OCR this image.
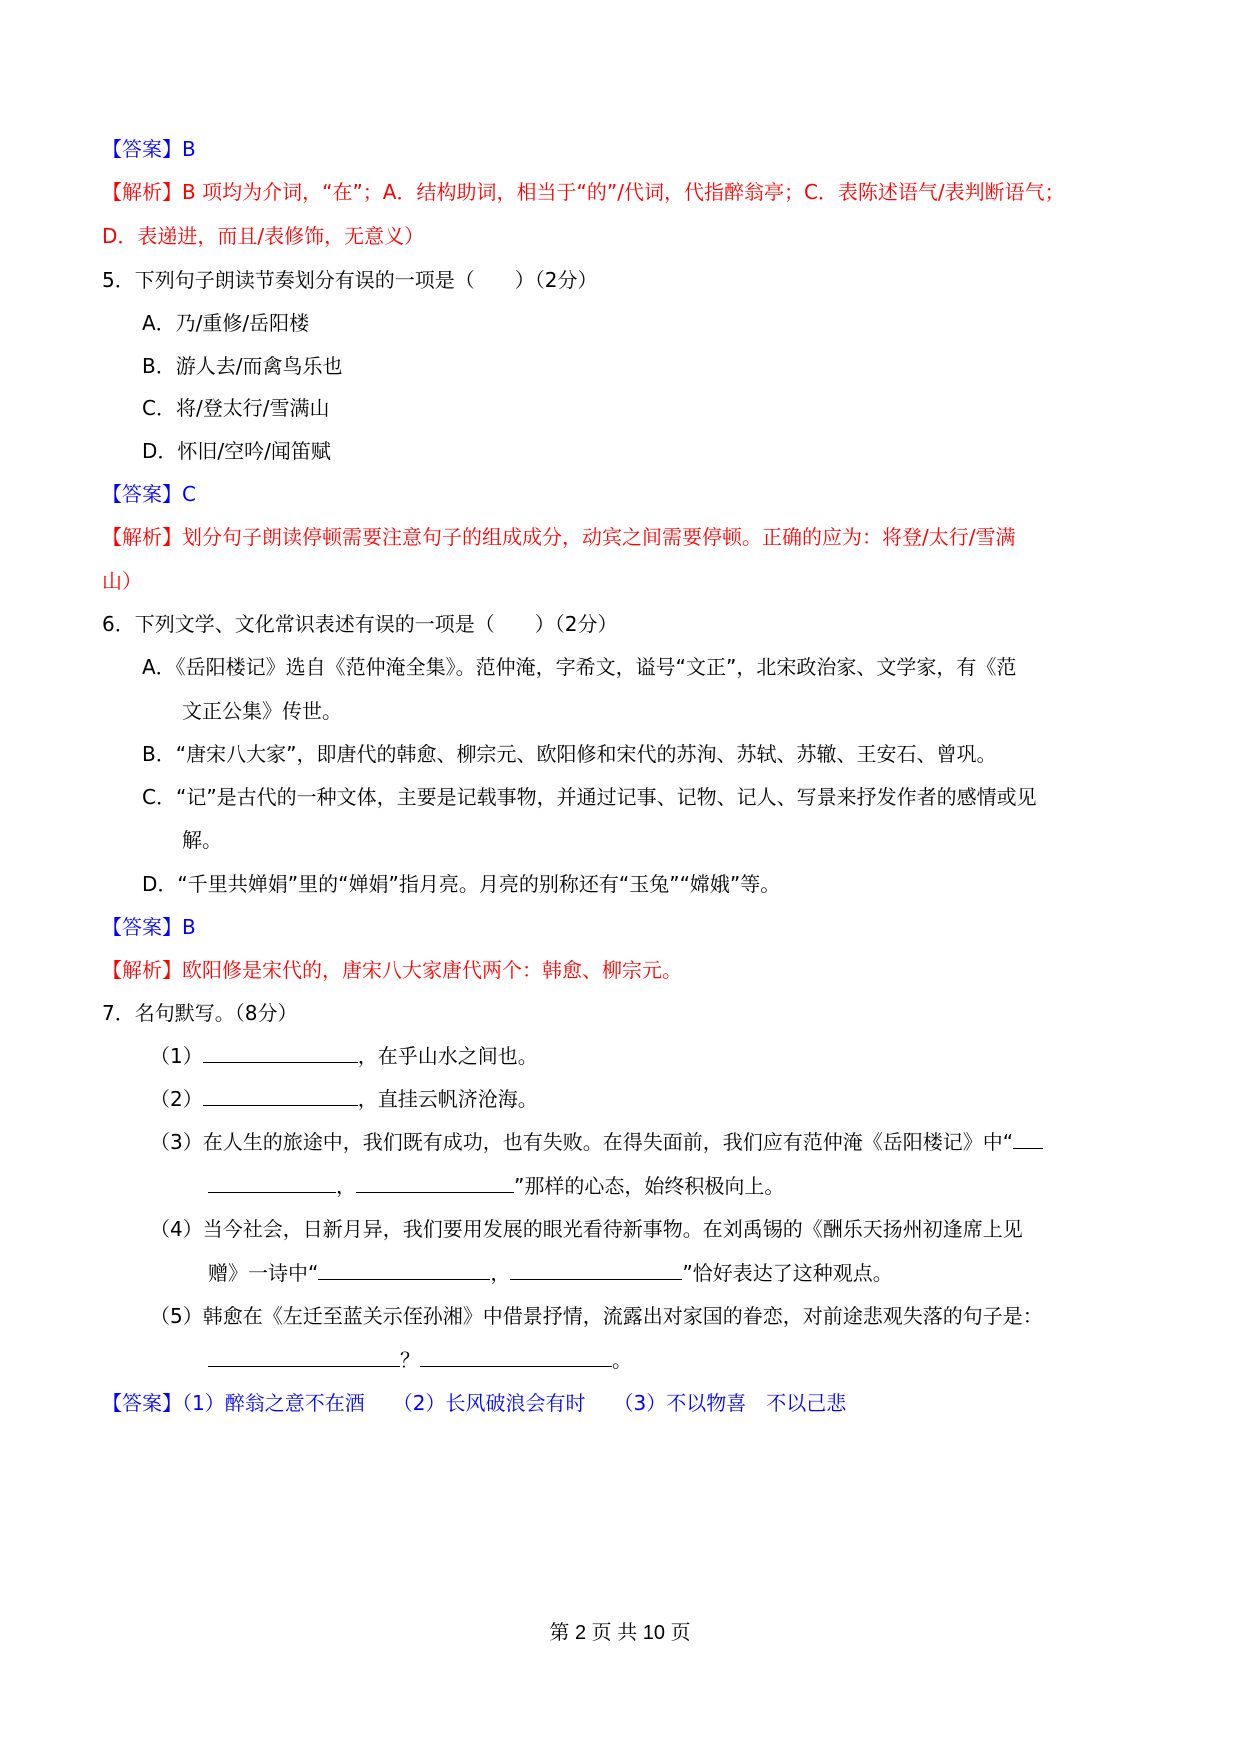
【答案】B
【解析】B 项均为介词，“在”；A．结构助词，相当于“的”/代词，代指醉翁亭；C．表陈述语气/表判断语气；
D．表递进，而且/表修饰，无意义）
5．下列句子朗读节奏划分有误的一项是（　　）（2分）
A．乃/重修/岳阳楼
B．游人去/而禽鸟乐也
C．将/登太行/雪满山
D．怀旧/空吟/闻笛赋
【答案】C
【解析】划分句子朗读停顿需要注意句子的组成成分，动宾之间需要停顿。正确的应为：将登/太行/雪满
山）
6．下列文学、文化常识表述有误的一项是（　　）（2分）
A．《岳阳楼记》选自《范仲淹全集》。范仲淹，字希文，谥号“文正”，北宋政治家、文学家，有《范
文正公集》传世。
B．“唐宋八大家”，即唐代的韩愈、柳宗元、欧阳修和宋代的苏洵、苏轼、苏辙、王安石、曾巩。
C．“记”是古代的一种文体，主要是记载事物，并通过记事、记物、记人、写景来抒发作者的感情或见
解。
D．“千里共婵娟”里的“婵娟”指月亮。月亮的别称还有“玉兔”“嫦娥”等。
【答案】B
【解析】欧阳修是宋代的，唐宋八大家唐代两个：韩愈、柳宗元。
7．名句默写。（8分）
（1）	，在乎山水之间也。
（2）	，直挂云帆济沧海。
（3）在人生的旅途中，我们既有成功，也有失败。在得失面前，我们应有范仲淹《岳阳楼记》中“
，	”那样的心态，始终积极向上。
（4）当今社会，日新月异，我们要用发展的眼光看待新事物。在刘禹锡的《酬乐天扬州初逢席上见
赠》一诗中“	，	”恰好表达了这种观点。
（5）韩愈在《左迁至蓝关示侄孙湘》中借景抒情，流露出对家国的眷恋，对前途悲观失落的句子是：
？	。
【答案】（1）醉翁之意不在酒 （2）长风破浪会有时 （3）不以物喜　不以己悲
第 2 页 共 10 页
